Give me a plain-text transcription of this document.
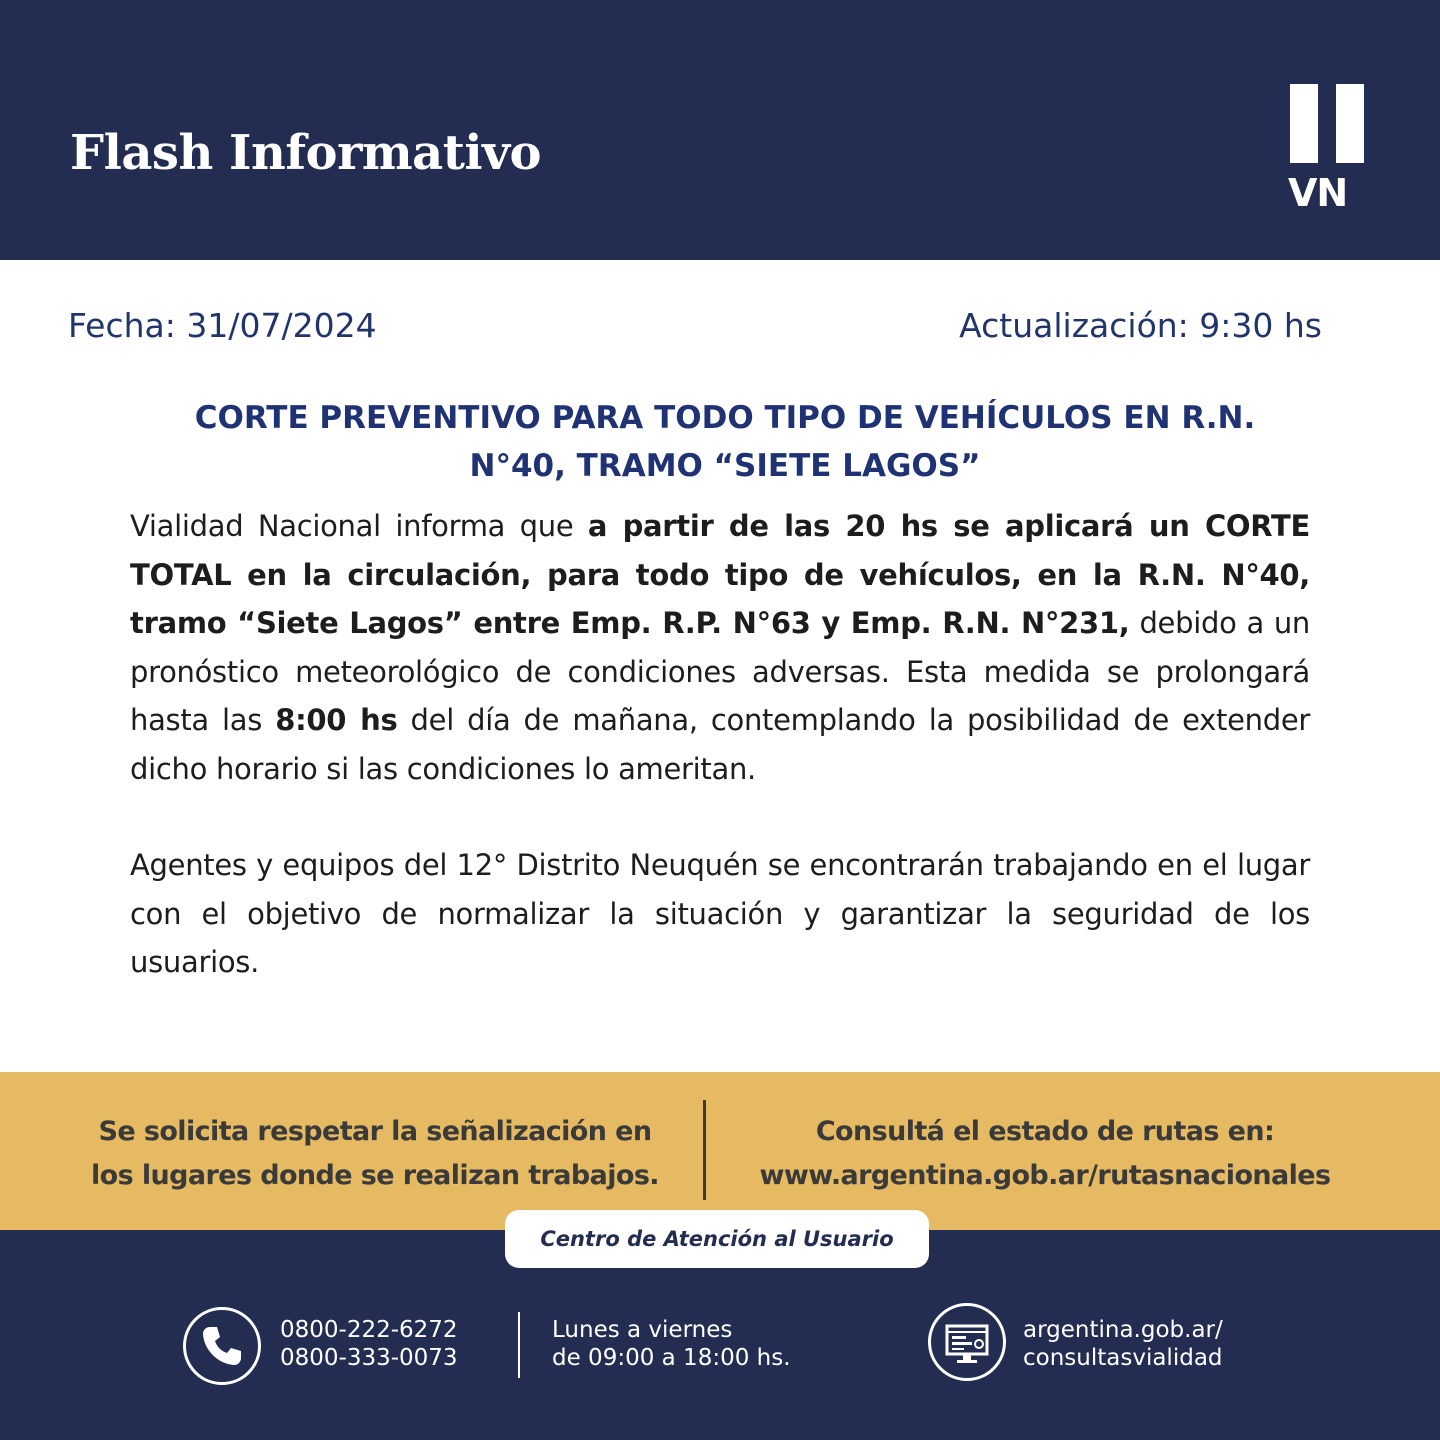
Flash Informativo
VN
Fecha: 31/07/2024	Actualización: 9:30 hs
CORTE PREVENTIVO PARA TODO TIPO DE VEHÍCULOS EN R.N.
N°40, TRAMO “SIETE LAGOS”

Vialidad Nacional informa que a partir de las 20 hs se aplicará un CORTE TOTAL en la circulación, para todo tipo de vehículos, en la R.N. N°40, tramo “Siete Lagos” entre Emp. R.P. N°63 y Emp. R.N. N°231, debido a un pronóstico meteorológico de condiciones adversas. Esta medida se prolongará hasta las 8:00 hs del día de mañana, contemplando la posibilidad de extender dicho horario si las condiciones lo ameritan.

Agentes y equipos del 12° Distrito Neuquén se encontrarán trabajando en el lugar con el objetivo de normalizar la situación y garantizar la seguridad de los usuarios.

Se solicita respetar la señalización en
los lugares donde se realizan trabajos.
Consultá el estado de rutas en:
www.argentina.gob.ar/rutasnacionales
Centro de Atención al Usuario
0800-222-6272
0800-333-0073
Lunes a viernes
de 09:00 a 18:00 hs.
argentina.gob.ar/
consultasvialidad
